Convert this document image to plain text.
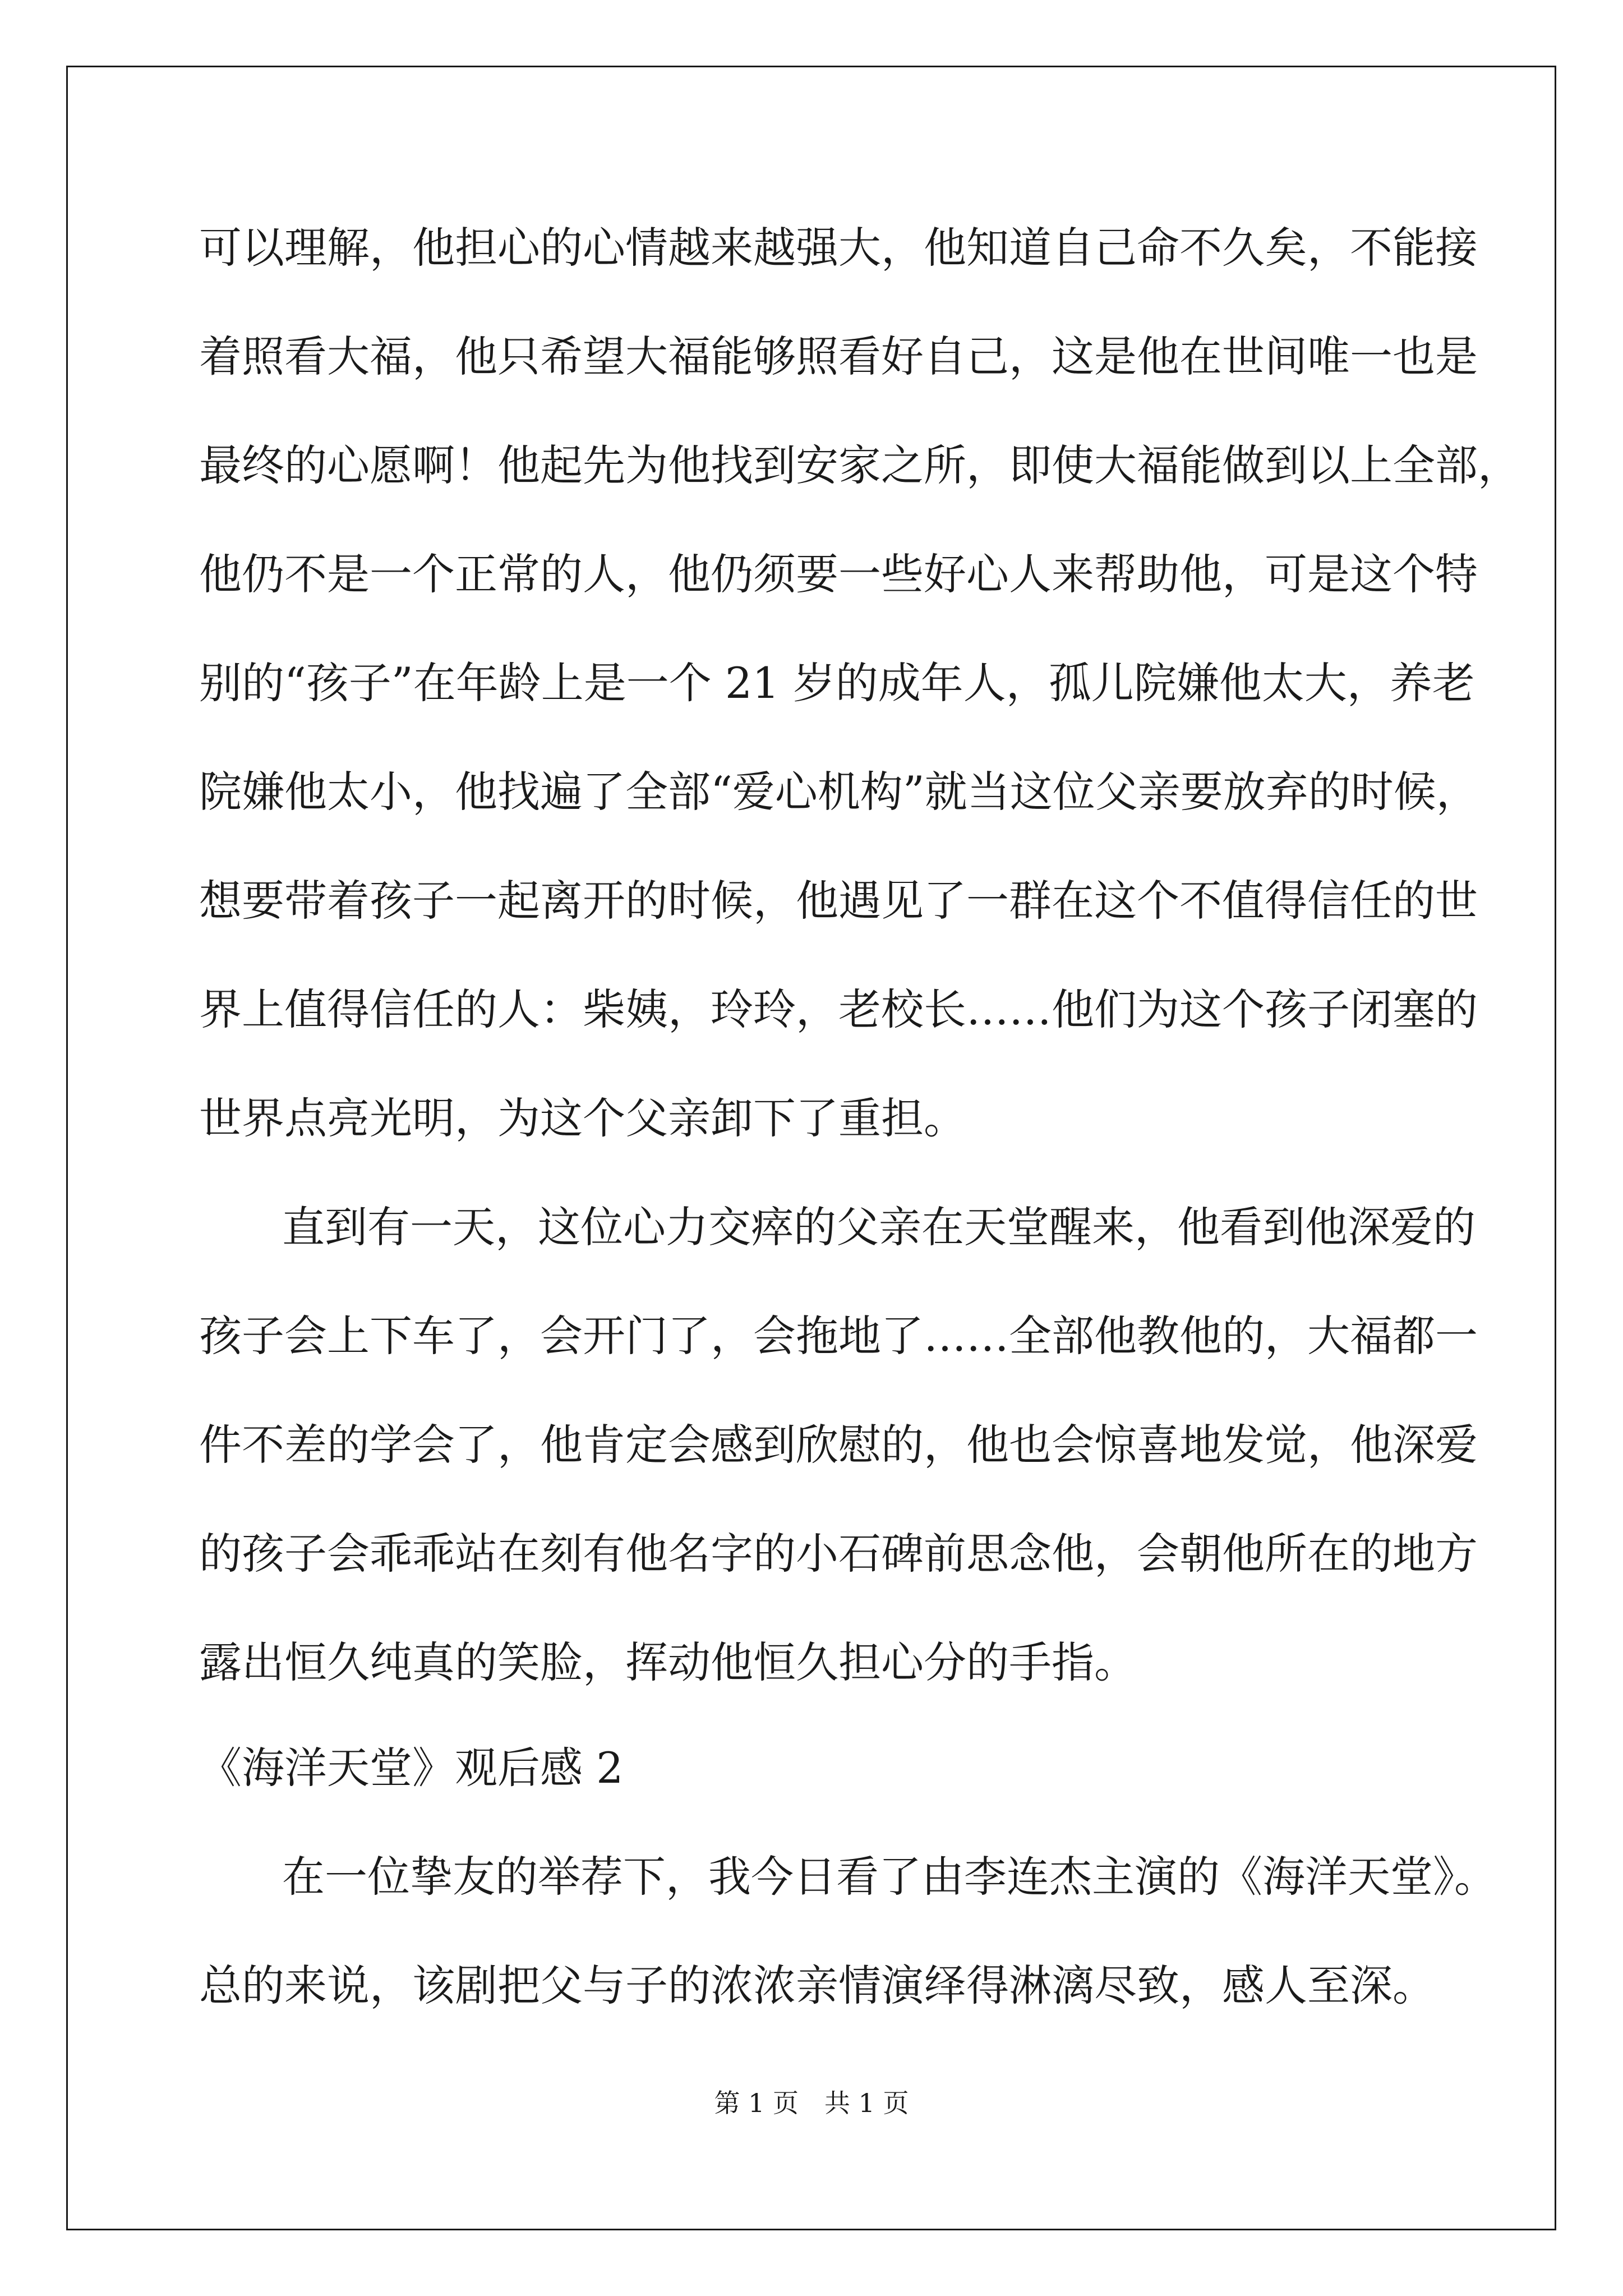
可以理解，他担心的心情越来越强大，他知道自己命不久矣，不能接
着照看大福，他只希望大福能够照看好自己，这是他在世间唯一也是
最终的心愿啊！他起先为他找到安家之所，即使大福能做到以上全部，
他仍不是一个正常的人，他仍须要一些好心人来帮助他，可是这个特
别的“孩子”在年龄上是一个 21 岁的成年人，孤儿院嫌他太大，养老
院嫌他太小，他找遍了全部“爱心机构”就当这位父亲要放弃的时候，
想要带着孩子一起离开的时候，他遇见了一群在这个不值得信任的世
界上值得信任的人：柴姨，玲玲，老校长……他们为这个孩子闭塞的
世界点亮光明，为这个父亲卸下了重担。
直到有一天，这位心力交瘁的父亲在天堂醒来，他看到他深爱的
孩子会上下车了，会开门了，会拖地了……全部他教他的，大福都一
件不差的学会了，他肯定会感到欣慰的，他也会惊喜地发觉，他深爱
的孩子会乖乖站在刻有他名字的小石碑前思念他，会朝他所在的地方
露出恒久纯真的笑脸，挥动他恒久担心分的手指。
《海洋天堂》观后感 2
在一位挚友的举荐下，我今日看了由李连杰主演的《海洋天堂》。
总的来说，该剧把父与子的浓浓亲情演绎得淋漓尽致，感人至深。
第 1 页 共 1 页
